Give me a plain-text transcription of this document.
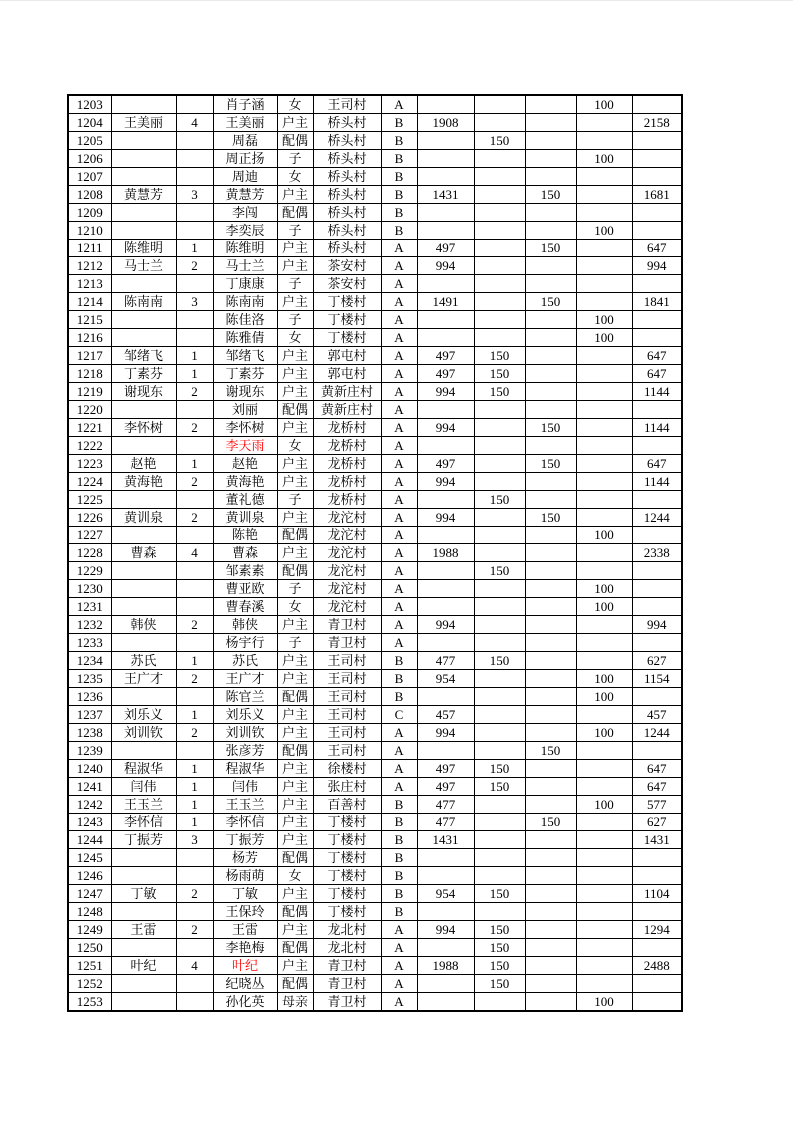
1203			肖子涵	女	王司村	A				100	
1204	王美丽	4	王美丽	户主	桥头村	B	1908				2158
1205			周磊	配偶	桥头村	B		150			
1206			周正扬	子	桥头村	B				100	
1207			周迪	女	桥头村	B					
1208	黄慧芳	3	黄慧芳	户主	桥头村	B	1431		150		1681
1209			李闯	配偶	桥头村	B					
1210			李奕辰	子	桥头村	B				100	
1211	陈维明	1	陈维明	户主	桥头村	A	497		150		647
1212	马士兰	2	马士兰	户主	茶安村	A	994				994
1213			丁康康	子	茶安村	A					
1214	陈南南	3	陈南南	户主	丁楼村	A	1491		150		1841
1215			陈佳洛	子	丁楼村	A				100	
1216			陈雅倩	女	丁楼村	A				100	
1217	邹绪飞	1	邹绪飞	户主	郭屯村	A	497	150			647
1218	丁素芬	1	丁素芬	户主	郭屯村	A	497	150			647
1219	谢现东	2	谢现东	户主	黄新庄村	A	994	150			1144
1220			刘丽	配偶	黄新庄村	A					
1221	李怀树	2	李怀树	户主	龙桥村	A	994		150		1144
1222			李天雨	女	龙桥村	A					
1223	赵艳	1	赵艳	户主	龙桥村	A	497		150		647
1224	黄海艳	2	黄海艳	户主	龙桥村	A	994				1144
1225			董礼德	子	龙桥村	A		150			
1226	黄训泉	2	黄训泉	户主	龙沱村	A	994		150		1244
1227			陈艳	配偶	龙沱村	A				100	
1228	曹森	4	曹森	户主	龙沱村	A	1988				2338
1229			邹素素	配偶	龙沱村	A		150			
1230			曹亚欧	子	龙沱村	A				100	
1231			曹春溪	女	龙沱村	A				100	
1232	韩侠	2	韩侠	户主	青卫村	A	994				994
1233			杨宇行	子	青卫村	A					
1234	苏氏	1	苏氏	户主	王司村	B	477	150			627
1235	王广才	2	王广才	户主	王司村	B	954			100	1154
1236			陈官兰	配偶	王司村	B				100	
1237	刘乐义	1	刘乐义	户主	王司村	C	457				457
1238	刘训钦	2	刘训钦	户主	王司村	A	994			100	1244
1239			张彦芳	配偶	王司村	A			150		
1240	程淑华	1	程淑华	户主	徐楼村	A	497	150			647
1241	闫伟	1	闫伟	户主	张庄村	A	497	150			647
1242	王玉兰	1	王玉兰	户主	百善村	B	477			100	577
1243	李怀信	1	李怀信	户主	丁楼村	B	477		150		627
1244	丁振芳	3	丁振芳	户主	丁楼村	B	1431				1431
1245			杨芳	配偶	丁楼村	B					
1246			杨雨萌	女	丁楼村	B					
1247	丁敏	2	丁敏	户主	丁楼村	B	954	150			1104
1248			王保玲	配偶	丁楼村	B					
1249	王雷	2	王雷	户主	龙北村	A	994	150			1294
1250			李艳梅	配偶	龙北村	A		150			
1251	叶纪	4	叶纪	户主	青卫村	A	1988	150			2488
1252			纪晓丛	配偶	青卫村	A		150			
1253			孙化英	母亲	青卫村	A				100	
